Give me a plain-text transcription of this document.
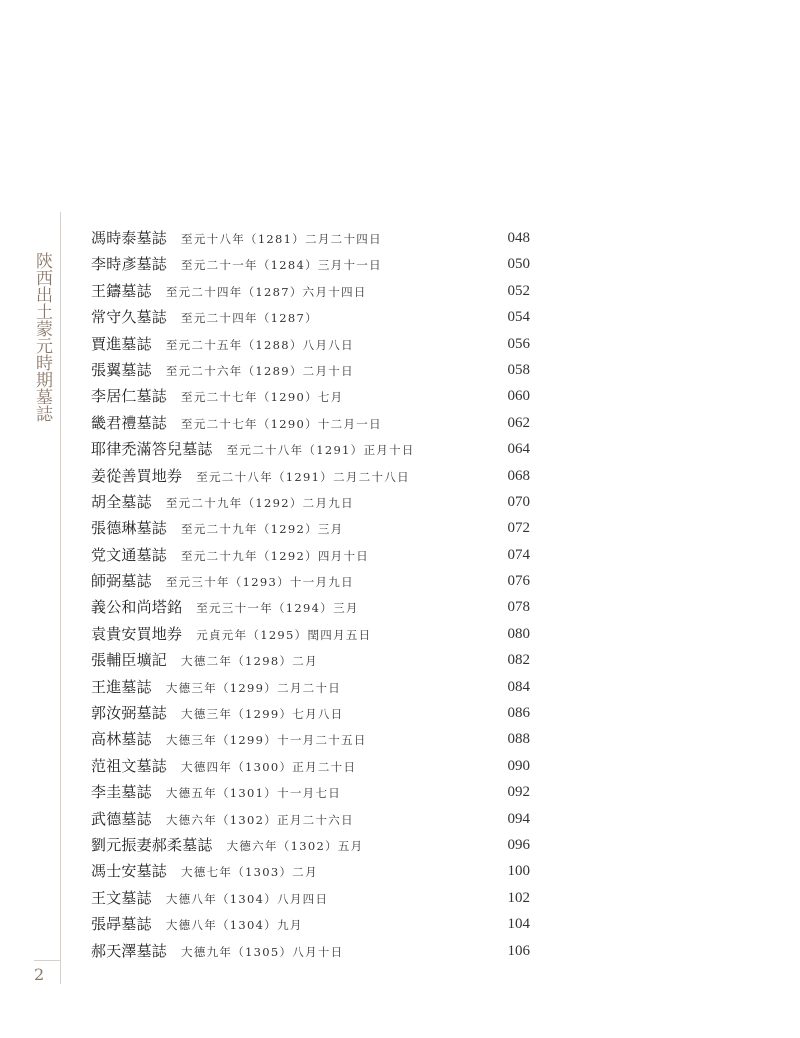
陝西出土蒙元時期墓誌
2
馮時泰墓誌 至元十八年（1281）二月二十四日	048
李時彥墓誌 至元二十一年（1284）三月十一日	050
王鑄墓誌 至元二十四年（1287）六月十四日	052
常守久墓誌 至元二十四年（1287）	054
賈進墓誌 至元二十五年（1288）八月八日	056
張翼墓誌 至元二十六年（1289）二月十日	058
李居仁墓誌 至元二十七年（1290）七月	060
畿君禮墓誌 至元二十七年（1290）十二月一日	062
耶律禿滿答兒墓誌 至元二十八年（1291）正月十日	064
姜從善買地券 至元二十八年（1291）二月二十八日	068
胡全墓誌 至元二十九年（1292）二月九日	070
張德琳墓誌 至元二十九年（1292）三月	072
党文通墓誌 至元二十九年（1292）四月十日	074
師弼墓誌 至元三十年（1293）十一月九日	076
義公和尚塔銘 至元三十一年（1294）三月	078
袁貴安買地券 元貞元年（1295）閏四月五日	080
張輔臣壙記 大德二年（1298）二月	082
王進墓誌 大德三年（1299）二月二十日	084
郭汝弼墓誌 大德三年（1299）七月八日	086
高林墓誌 大德三年（1299）十一月二十五日	088
范祖文墓誌 大德四年（1300）正月二十日	090
李圭墓誌 大德五年（1301）十一月七日	092
武德墓誌 大德六年（1302）正月二十六日	094
劉元振妻郝柔墓誌 大德六年（1302）五月	096
馮士安墓誌 大德七年（1303）二月	100
王文墓誌 大德八年（1304）八月四日	102
張冔墓誌 大德八年（1304）九月	104
郝天澤墓誌 大德九年（1305）八月十日	106
